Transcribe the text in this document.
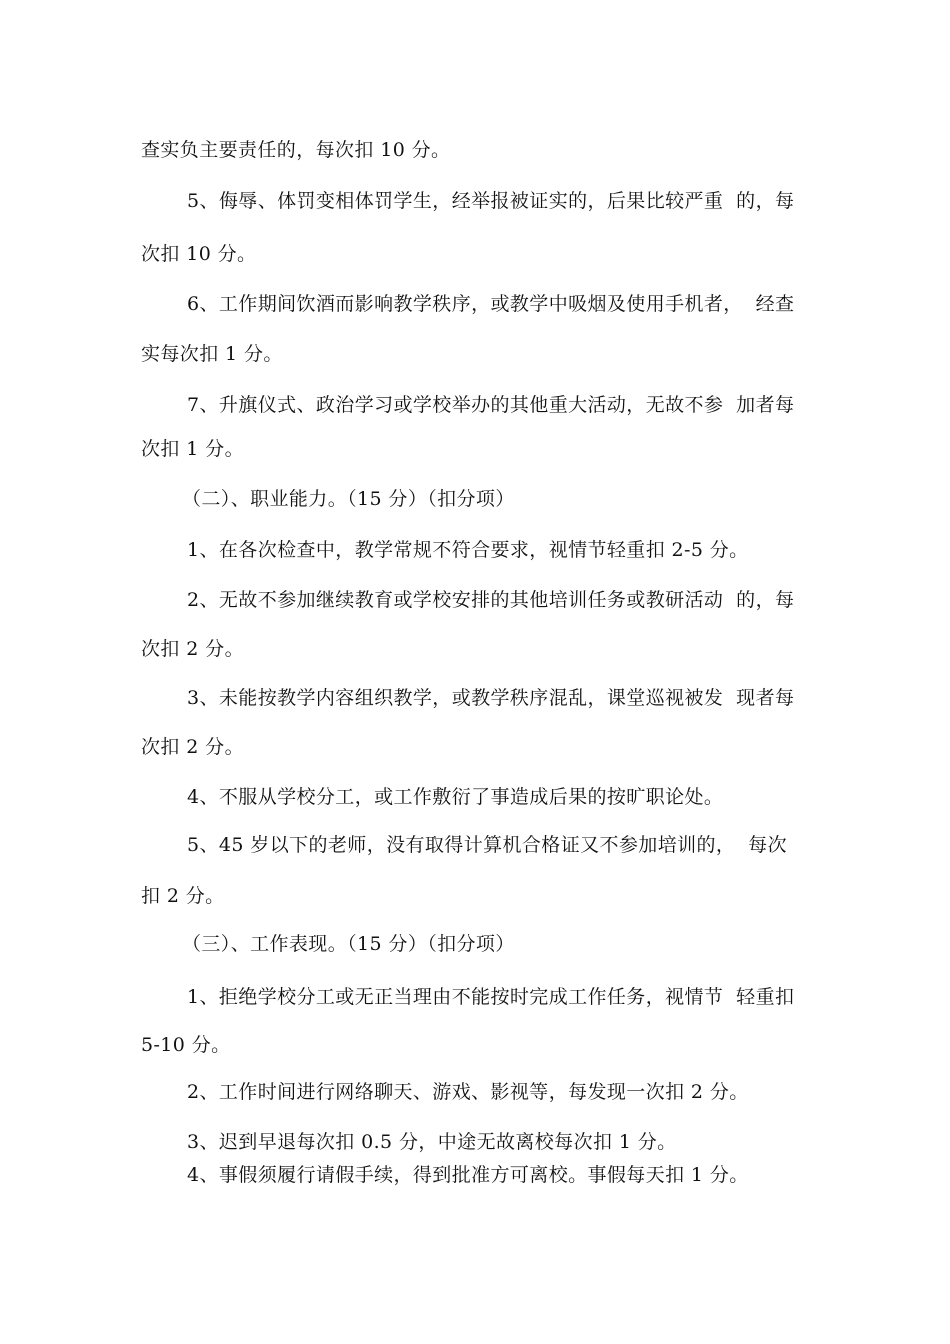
查实负主要责任的，每次扣 10 分。
5、侮辱、体罚变相体罚学生，经举报被证实的，后果比较严重  的，每
次扣 10 分。
6、工作期间饮酒而影响教学秩序，或教学中吸烟及使用手机者，  经查
实每次扣 1 分。
7、升旗仪式、政治学习或学校举办的其他重大活动，无故不参  加者每
次扣 1 分。
（二）、职业能力。（15 分）（扣分项）
1、在各次检查中，教学常规不符合要求，视情节轻重扣 2-5 分。
2、无故不参加继续教育或学校安排的其他培训任务或教研活动  的，每
次扣 2 分。
3、未能按教学内容组织教学，或教学秩序混乱，课堂巡视被发  现者每
次扣 2 分。
4、不服从学校分工，或工作敷衍了事造成后果的按旷职论处。
5、45 岁以下的老师，没有取得计算机合格证又不参加培训的，  每次
扣 2 分。
（三）、工作表现。（15 分）（扣分项）
1、拒绝学校分工或无正当理由不能按时完成工作任务，视情节  轻重扣
5-10 分。
2、工作时间进行网络聊天、游戏、影视等，每发现一次扣 2 分。
3、迟到早退每次扣 0.5 分，中途无故离校每次扣 1 分。
4、事假须履行请假手续，得到批准方可离校。事假每天扣 1 分。
